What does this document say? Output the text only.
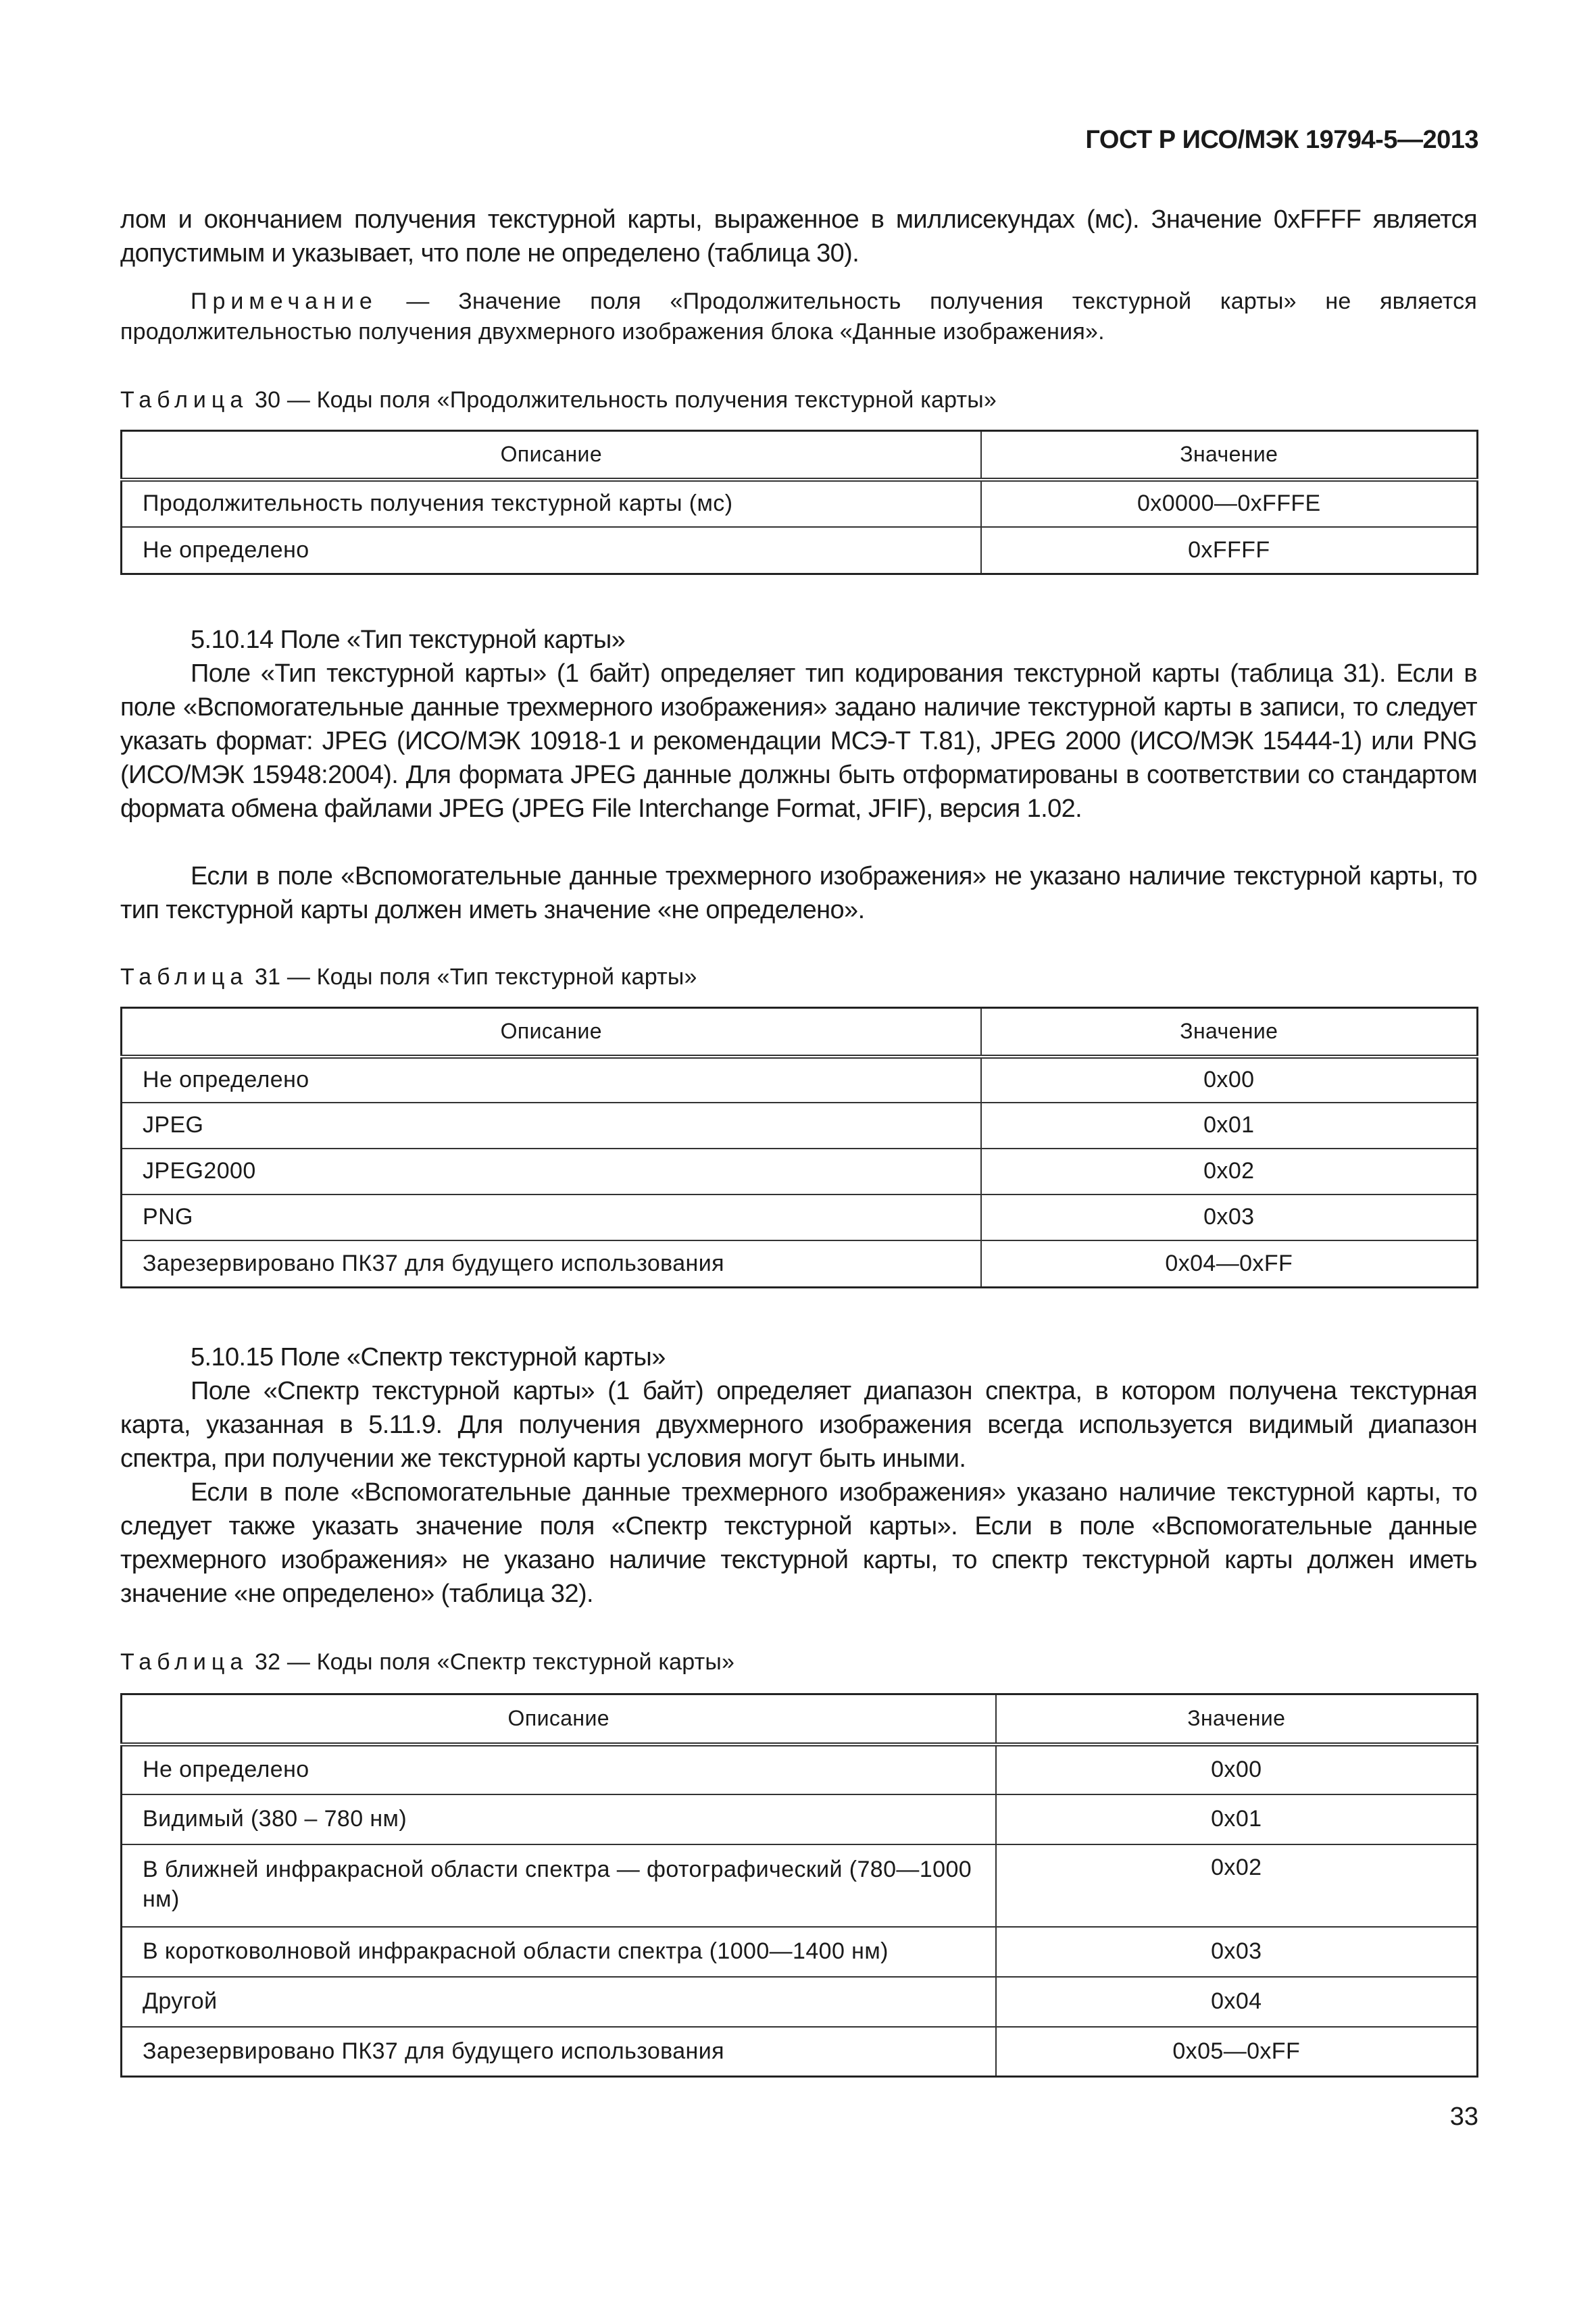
ГОСТ Р ИСО/МЭК 19794-5—2013
лом и окончанием получения текстурной карты, выраженное в миллисекундах (мс). Значение 0xFFFF является допустимым и указывает, что поле не определено (таблица 30).
Примечание — Значение поля «Продолжительность получения текстурной карты» не является продолжительностью получения двухмерного изображения блока «Данные изображения».
Таблица 30 — Коды поля «Продолжительность получения текстурной карты»
Описание	Значение
Продолжительность получения текстурной карты (мс)	0x0000—0xFFFE
Не определено	0xFFFF
5.10.14 Поле «Тип текстурной карты»
Поле «Тип текстурной карты» (1 байт) определяет тип кодирования текстурной карты (таблица 31). Если в поле «Вспомогательные данные трехмерного изображения» задано наличие текстурной карты в записи, то следует указать формат: JPEG (ИСО/МЭК 10918-1 и рекомендации МСЭ-Т Т.81), JPEG 2000 (ИСО/МЭК 15444-1) или PNG (ИСО/МЭК 15948:2004). Для формата JPEG данные должны быть отформатированы в соответствии со стандартом формата обмена файлами JPEG (JPEG File Interchange Format, JFIF), версия 1.02.
Если в поле «Вспомогательные данные трехмерного изображения» не указано наличие текстурной карты, то тип текстурной карты должен иметь значение «не определено».
Таблица 31 — Коды поля «Тип текстурной карты»
Описание	Значение
Не определено	0x00
JPEG	0x01
JPEG2000	0x02
PNG	0x03
Зарезервировано ПК37 для будущего использования	0x04—0xFF
5.10.15 Поле «Спектр текстурной карты»
Поле «Спектр текстурной карты» (1 байт) определяет диапазон спектра, в котором получена текстурная карта, указанная в 5.11.9. Для получения двухмерного изображения всегда используется видимый диапазон спектра, при получении же текстурной карты условия могут быть иными.
Если в поле «Вспомогательные данные трехмерного изображения» указано наличие текстурной карты, то следует также указать значение поля «Спектр текстурной карты». Если в поле «Вспомогательные данные трехмерного изображения» не указано наличие текстурной карты, то спектр текстурной карты должен иметь значение «не определено» (таблица 32).
Таблица 32 — Коды поля «Спектр текстурной карты»
Описание	Значение
Не определено	0x00
Видимый (380 – 780 нм)	0x01
В ближней инфракрасной области спектра — фотографический (780—1000 нм)	0x02
В коротковолновой инфракрасной области спектра (1000—1400 нм)	0x03
Другой	0x04
Зарезервировано ПК37 для будущего использования	0x05—0xFF
33
